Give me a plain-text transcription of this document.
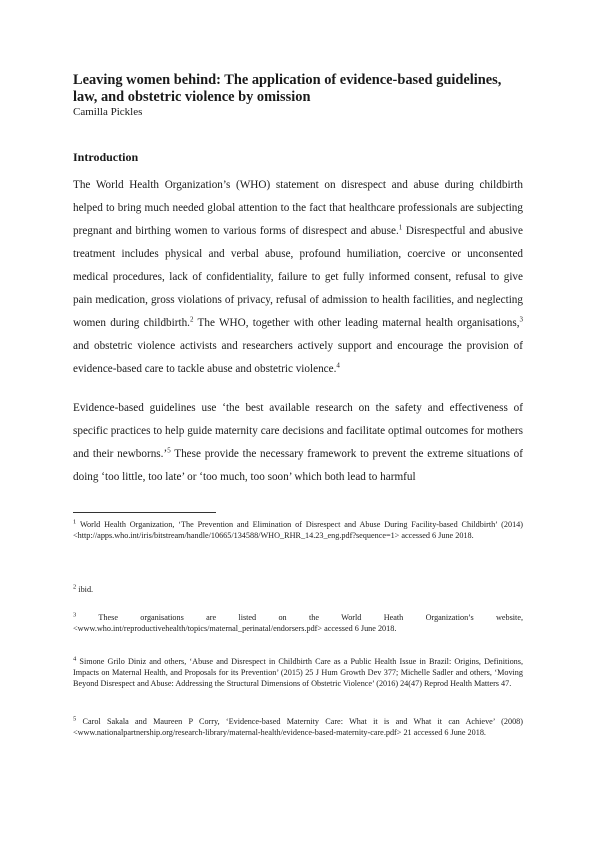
Leaving women behind: The application of evidence-based guidelines, law, and obstetric violence by omission
Camilla Pickles
Introduction

The World Health Organization’s (WHO) statement on disrespect and abuse during childbirth helped to bring much needed global attention to the fact that healthcare professionals are subjecting pregnant and birthing women to various forms of disrespect and abuse.$^1$ Disrespectful and abusive treatment includes physical and verbal abuse, profound humiliation, coercive or unconsented medical procedures, lack of confidentiality, failure to get fully informed consent, refusal to give pain medication, gross violations of privacy, refusal of admission to health facilities, and neglecting women during childbirth.$^2$ The WHO, together with other leading maternal health organisations,$^3$ and obstetric violence activists and researchers actively support and encourage the provision of evidence-based care to tackle abuse and obstetric violence.$^4$

Evidence-based guidelines use ‘the best available research on the safety and effectiveness of specific practices to help guide maternity care decisions and facilitate optimal outcomes for mothers and their newborns.’$^5$ These provide the necessary framework to prevent the extreme situations of doing ‘too little, too late’ or ‘too much, too soon’ which both lead to harmful

$^1$ World Health Organization, ‘The Prevention and Elimination of Disrespect and Abuse During Facility-based Childbirth’ (2014) <http://apps.who.int/iris/bitstream/handle/10665/134588/WHO_RHR_14.23_eng.pdf?sequence=1> accessed 6 June 2018.

$^2$ ibid.

$^3$ These organisations are listed on the World Heath Organization’s website, <www.who.int/reproductivehealth/topics/maternal_perinatal/endorsers.pdf> accessed 6 June 2018.

$^4$ Simone Grilo Diniz and others, ‘Abuse and Disrespect in Childbirth Care as a Public Health Issue in Brazil: Origins, Definitions, Impacts on Maternal Health, and Proposals for its Prevention’ (2015) 25 J Hum Growth Dev 377; Michelle Sadler and others, ‘Moving Beyond Disrespect and Abuse: Addressing the Structural Dimensions of Obstetric Violence’ (2016) 24(47) Reprod Health Matters 47.

$^5$ Carol Sakala and Maureen P Corry, ‘Evidence-based Maternity Care: What it is and What it can Achieve’ (2008) <www.nationalpartnership.org/research-library/maternal-health/evidence-based-maternity-care.pdf> 21 accessed 6 June 2018.
